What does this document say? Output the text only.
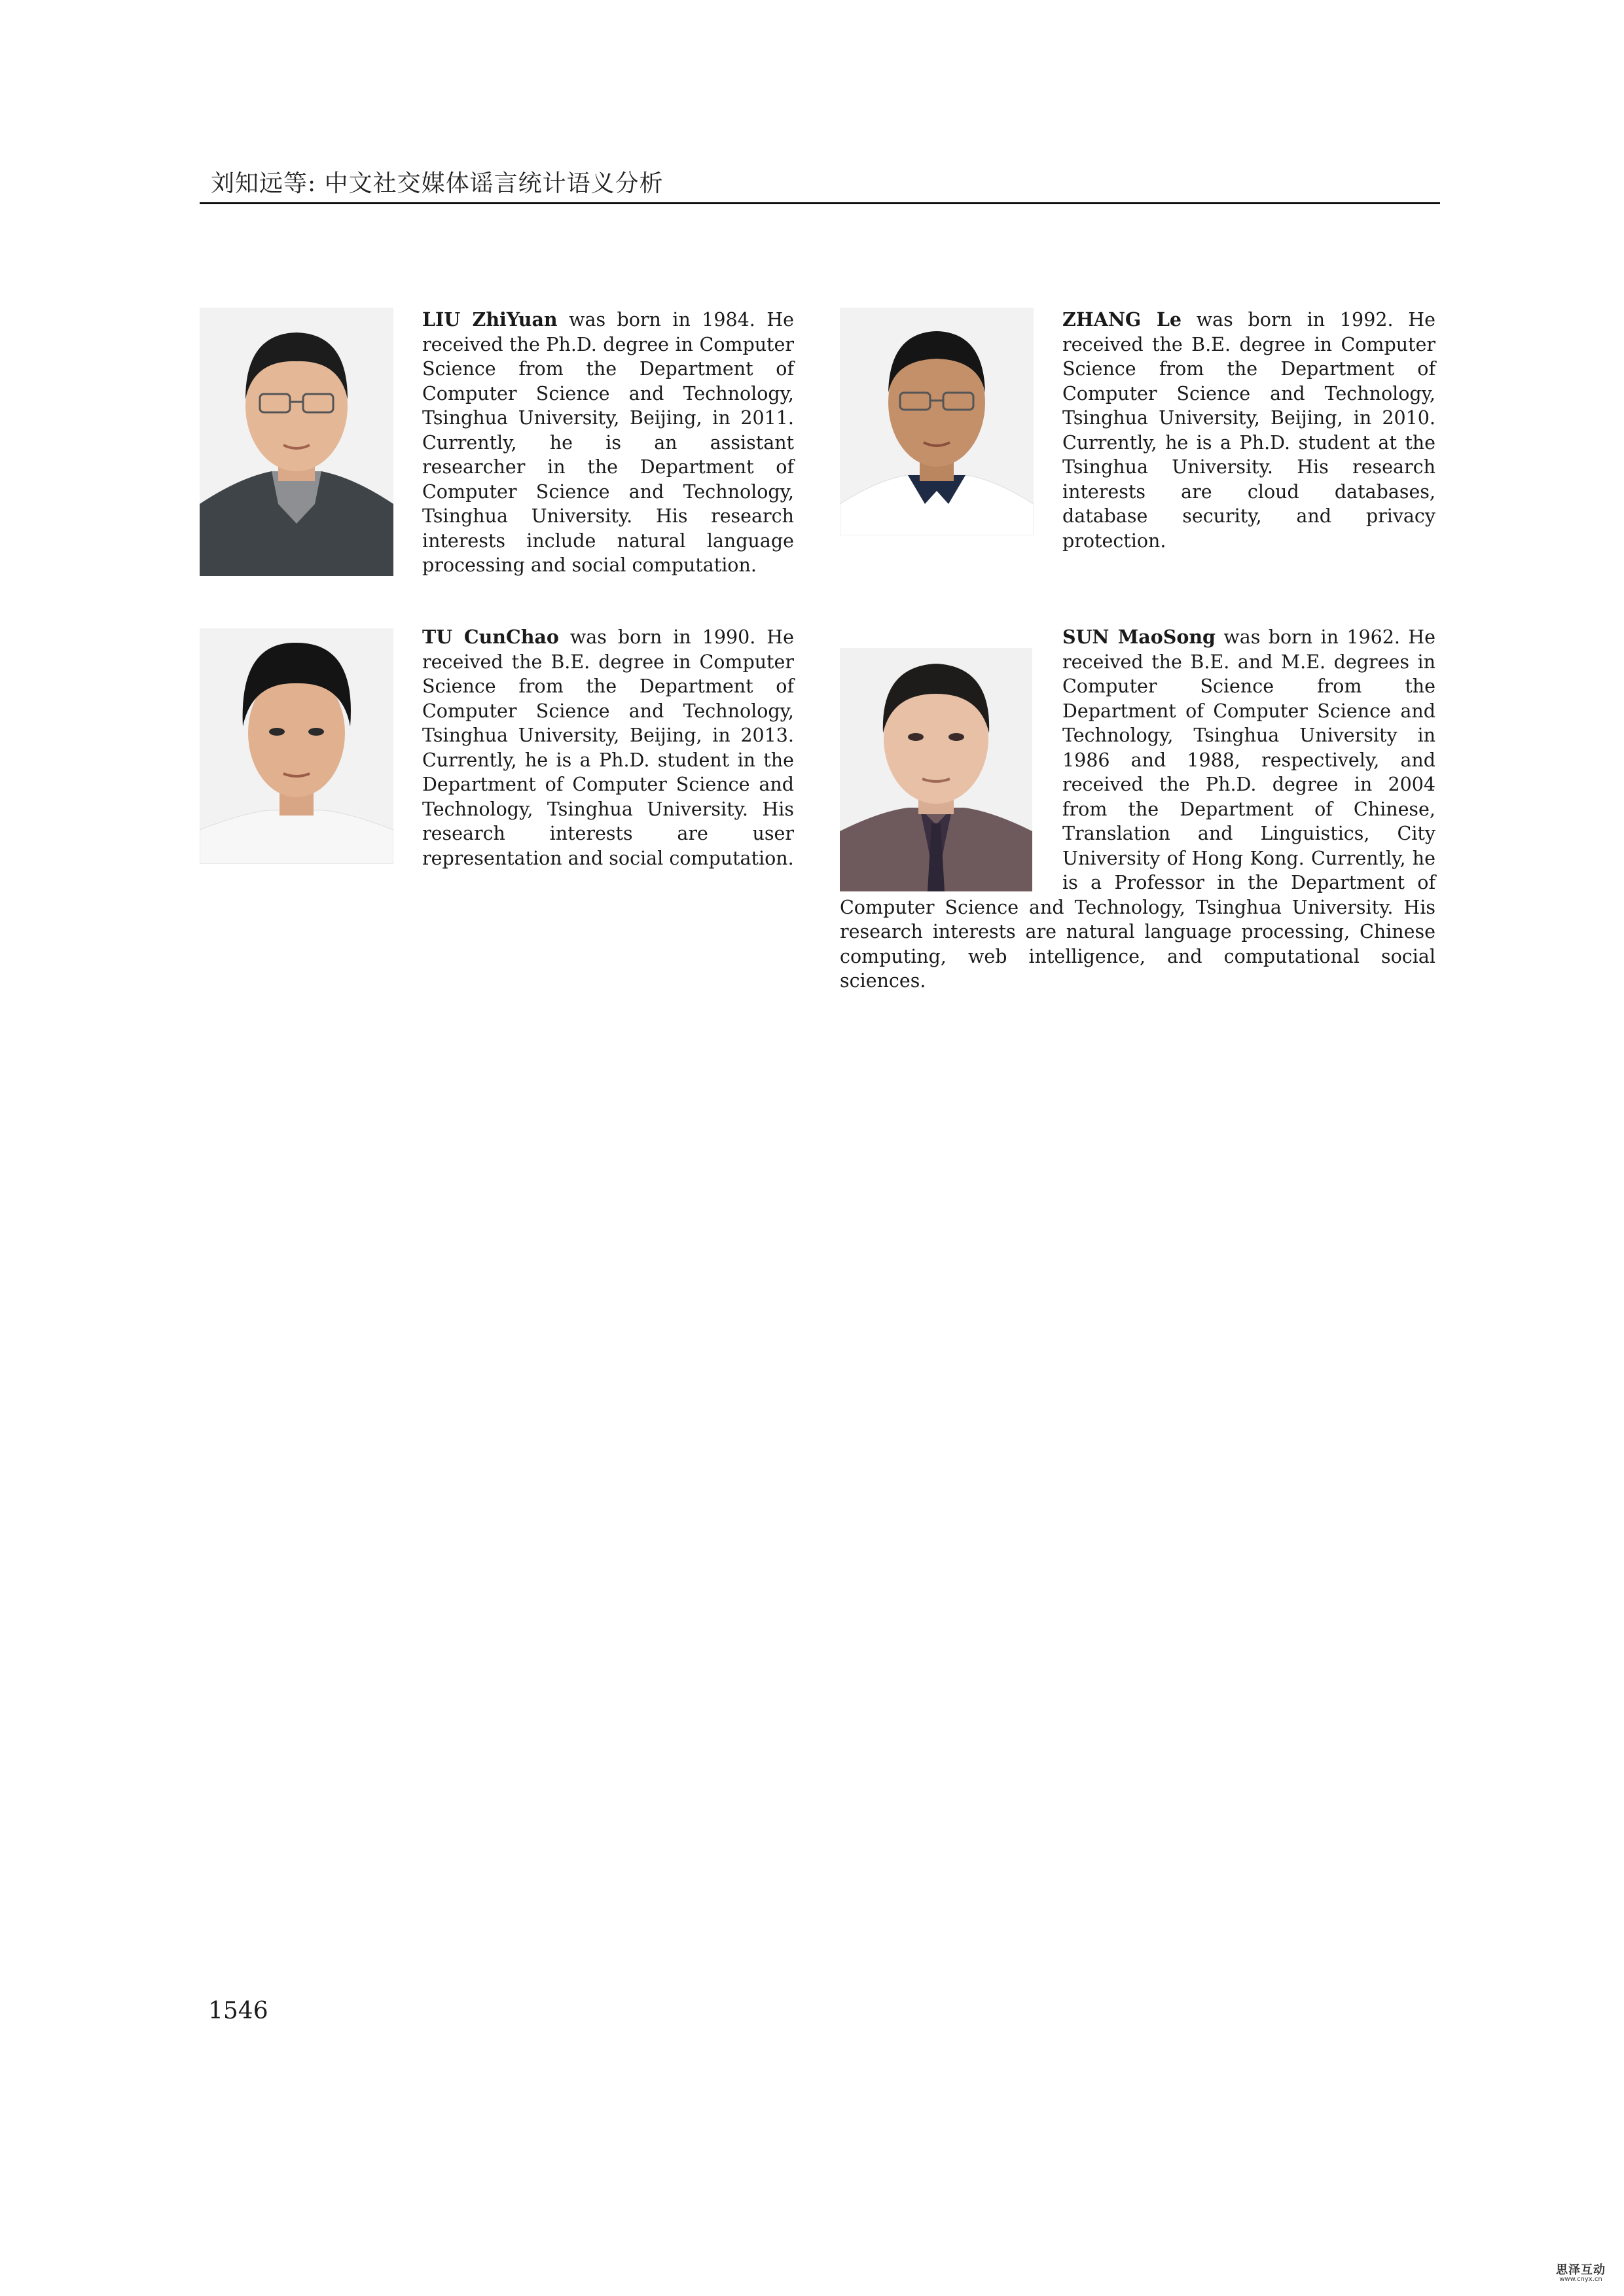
刘知远等: 中文社交媒体谣言统计语义分析
LIU ZhiYuan was born in 1984. He received the Ph.D. degree in Computer Science from the Department of Computer Science and Technology, Tsinghua University, Beijing, in 2011. Currently, he is an assistant researcher in the Department of Computer Science and Technology, Tsinghua University. His research interests include natural language processing and social computation.
ZHANG Le was born in 1992. He received the B.E. degree in Computer Science from the Department of Computer Science and Technology, Tsinghua University, Beijing, in 2010. Currently, he is a Ph.D. student at the Tsinghua University. His research interests are cloud databases, database security, and privacy protection.
TU CunChao was born in 1990. He received the B.E. degree in Computer Science from the Department of Computer Science and Technology, Tsinghua University, Beijing, in 2013. Currently, he is a Ph.D. student in the Department of Computer Science and Technology, Tsinghua University. His research interests are user representation and social computation.
SUN MaoSong was born in 1962. He received the B.E. and M.E. degrees in Computer Science from the Department of Computer Science and Technology, Tsinghua University in 1986 and 1988, respectively, and received the Ph.D. degree in 2004 from the Department of Chinese, Translation and Linguistics, City University of Hong Kong. Currently, he is a Professor in the Department of Computer Science and Technology, Tsinghua University. His research interests are natural language processing, Chinese computing, web intelligence, and computational social sciences.
1546
思泽互动
www.cnyx.cn
